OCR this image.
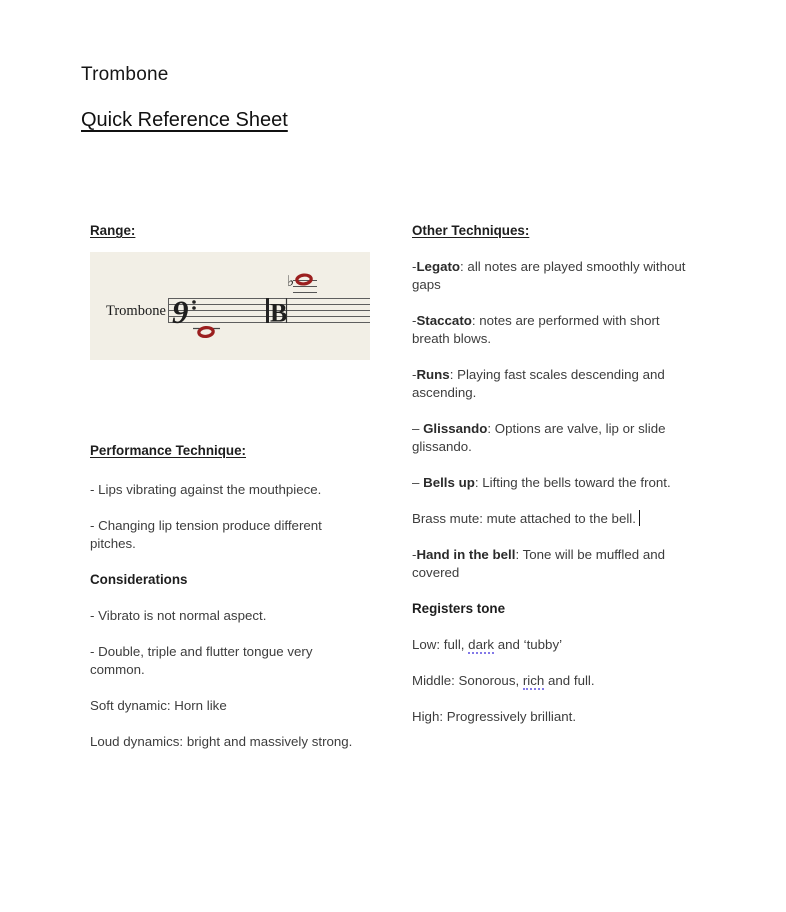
Trombone
Quick Reference Sheet
Range:
Trombone 9	B
♭
Performance Technique:

- Lips vibrating against the mouthpiece.

- Changing lip tension produce different
pitches.

Considerations

- Vibrato is not normal aspect.

- Double, triple and flutter tongue very
common.

Soft dynamic: Horn like

Loud dynamics: bright and massively strong.

Other Techniques:

-Legato: all notes are played smoothly without
gaps

-Staccato: notes are performed with short
breath blows.

-Runs: Playing fast scales descending and
ascending.

– Glissando: Options are valve, lip or slide
glissando.

– Bells up: Lifting the bells toward the front.

Brass mute: mute attached to the bell.

-Hand in the bell: Tone will be muffled and
covered

Registers tone

Low: full, dark and ‘tubby’

Middle: Sonorous, rich and full.

High: Progressively brilliant.
